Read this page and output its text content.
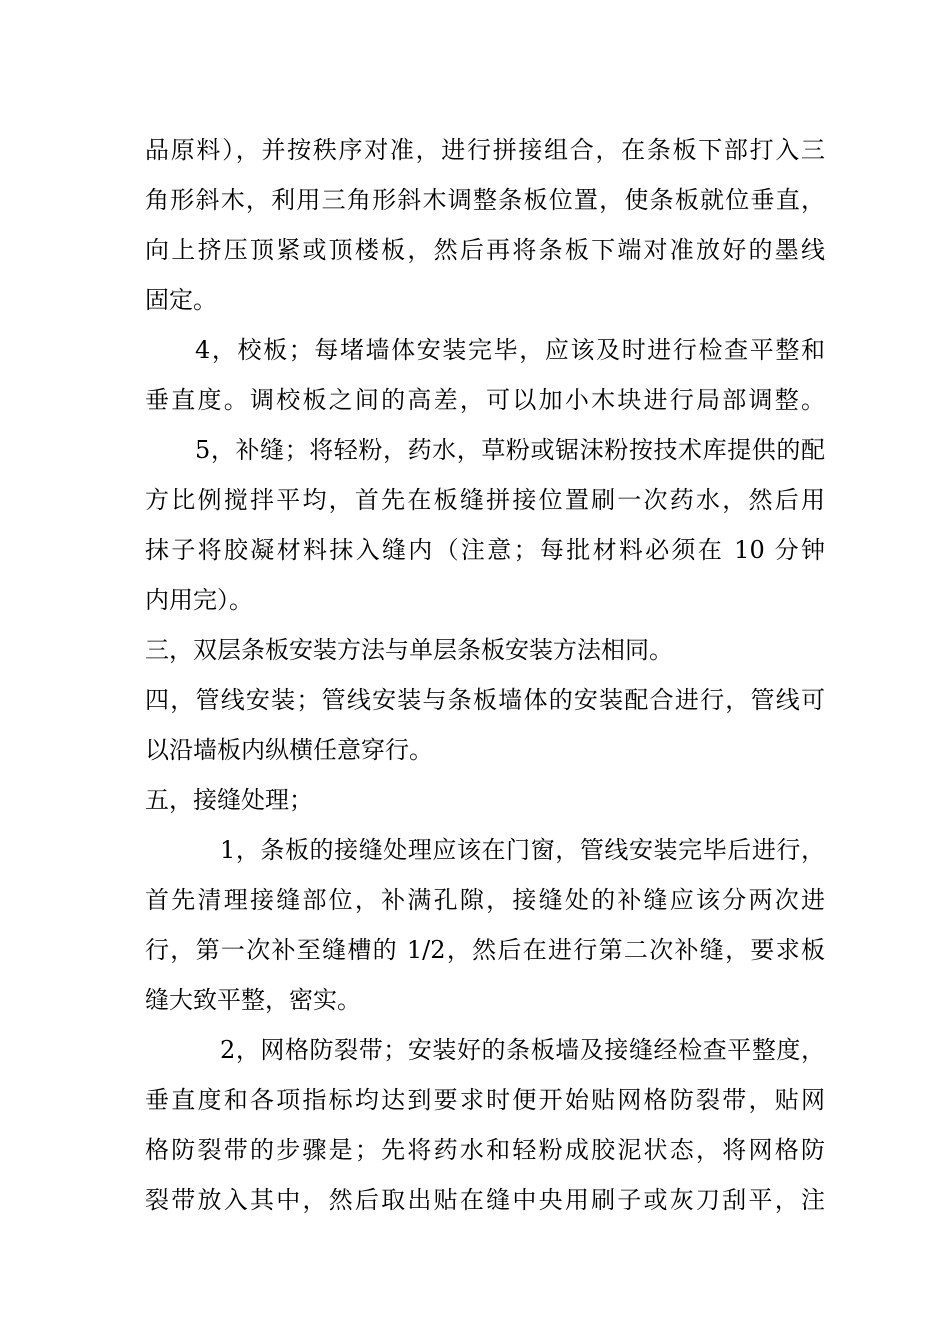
品原料），并按秩序对准，进行拼接组合，在条板下部打入三
角形斜木，利用三角形斜木调整条板位置，使条板就位垂直，
向上挤压顶紧或顶楼板，然后再将条板下端对准放好的墨线
固定。
4，校板；每堵墙体安装完毕，应该及时进行检查平整和
垂直度。调校板之间的高差，可以加小木块进行局部调整。
5，补缝；将轻粉，药水，草粉或锯沫粉按技术库提供的配
方比例搅拌平均，首先在板缝拼接位置刷一次药水，然后用
抹子将胶凝材料抹入缝内（注意；每批材料必须在 10 分钟
内用完）。
三，双层条板安装方法与单层条板安装方法相同。
四，管线安装；管线安装与条板墙体的安装配合进行，管线可
以沿墙板内纵横任意穿行。
五，接缝处理；
1，条板的接缝处理应该在门窗，管线安装完毕后进行，
首先清理接缝部位，补满孔隙，接缝处的补缝应该分两次进
行，第一次补至缝槽的 1/2，然后在进行第二次补缝，要求板
缝大致平整，密实。
2，网格防裂带；安装好的条板墙及接缝经检查平整度，
垂直度和各项指标均达到要求时便开始贴网格防裂带，贴网
格防裂带的步骤是；先将药水和轻粉成胶泥状态，将网格防
裂带放入其中，然后取出贴在缝中央用刷子或灰刀刮平，注
